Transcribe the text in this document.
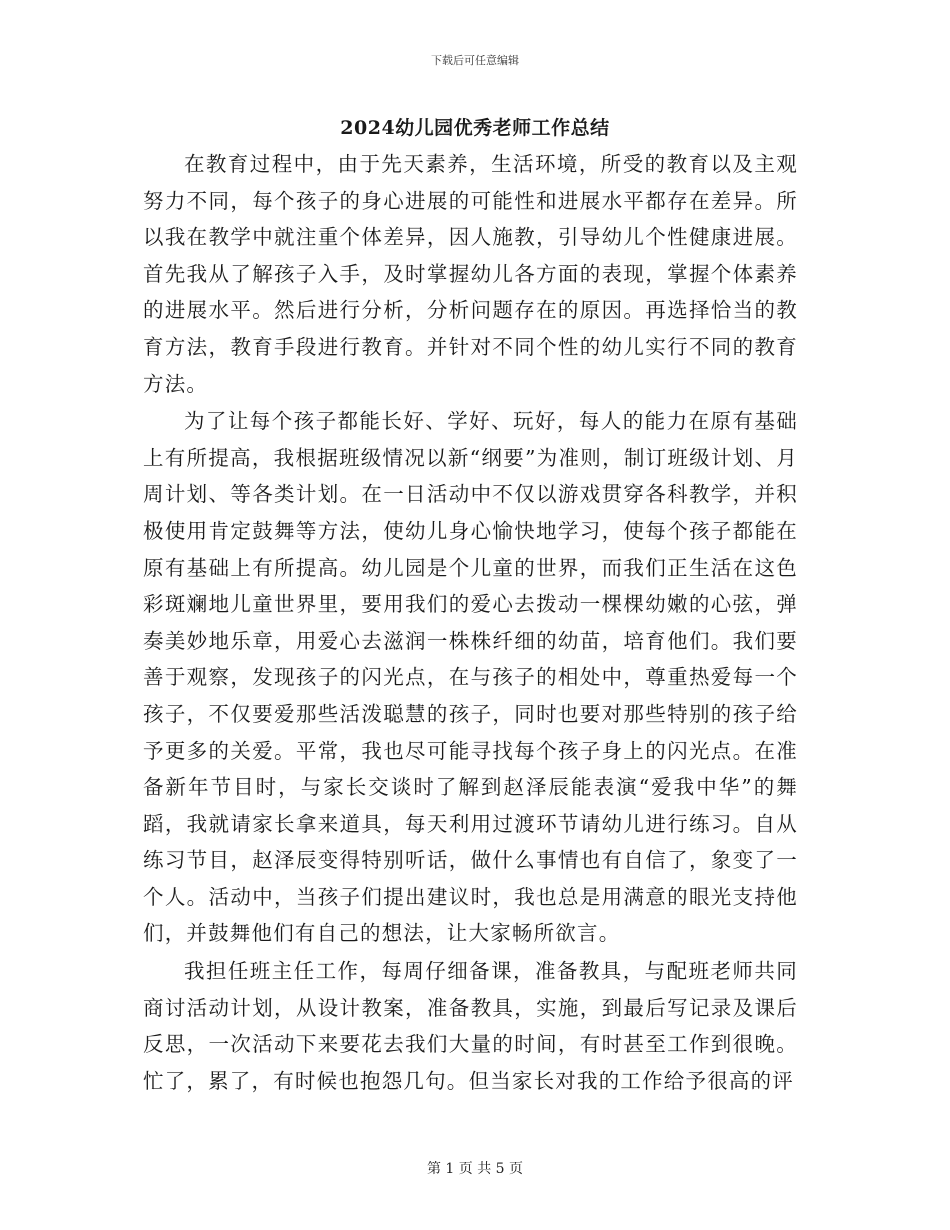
下载后可任意编辑
2024幼儿园优秀老师工作总结

在教育过程中，由于先天素养，生活环境，所受的教育以及主观努力不同，每个孩子的身心进展的可能性和进展水平都存在差异。所以我在教学中就注重个体差异，因人施教，引导幼儿个性健康进展。首先我从了解孩子入手，及时掌握幼儿各方面的表现，掌握个体素养的进展水平。然后进行分析，分析问题存在的原因。再选择恰当的教育方法，教育手段进行教育。并针对不同个性的幼儿实行不同的教育方法。

为了让每个孩子都能长好、学好、玩好，每人的能力在原有基础上有所提高，我根据班级情况以新“纲要”为准则，制订班级计划、月周计划、等各类计划。在一日活动中不仅以游戏贯穿各科教学，并积极使用肯定鼓舞等方法，使幼儿身心愉快地学习，使每个孩子都能在原有基础上有所提高。幼儿园是个儿童的世界，而我们正生活在这色彩斑斓地儿童世界里，要用我们的爱心去拨动一棵棵幼嫩的心弦，弹奏美妙地乐章，用爱心去滋润一株株纤细的幼苗，培育他们。我们要善于观察，发现孩子的闪光点，在与孩子的相处中，尊重热爱每一个孩子，不仅要爱那些活泼聪慧的孩子，同时也要对那些特别的孩子给予更多的关爱。平常，我也尽可能寻找每个孩子身上的闪光点。在准备新年节目时，与家长交谈时了解到赵泽辰能表演“爱我中华”的舞蹈，我就请家长拿来道具，每天利用过渡环节请幼儿进行练习。自从练习节目，赵泽辰变得特别听话，做什么事情也有自信了，象变了一个人。活动中，当孩子们提出建议时，我也总是用满意的眼光支持他们，并鼓舞他们有自己的想法，让大家畅所欲言。

我担任班主任工作，每周仔细备课，准备教具，与配班老师共同商讨活动计划，从设计教案，准备教具，实施，到最后写记录及课后反思，一次活动下来要花去我们大量的时间，有时甚至工作到很晚。忙了，累了，有时候也抱怨几句。但当家长对我的工作给予很高的评

第 1 页 共 5 页
